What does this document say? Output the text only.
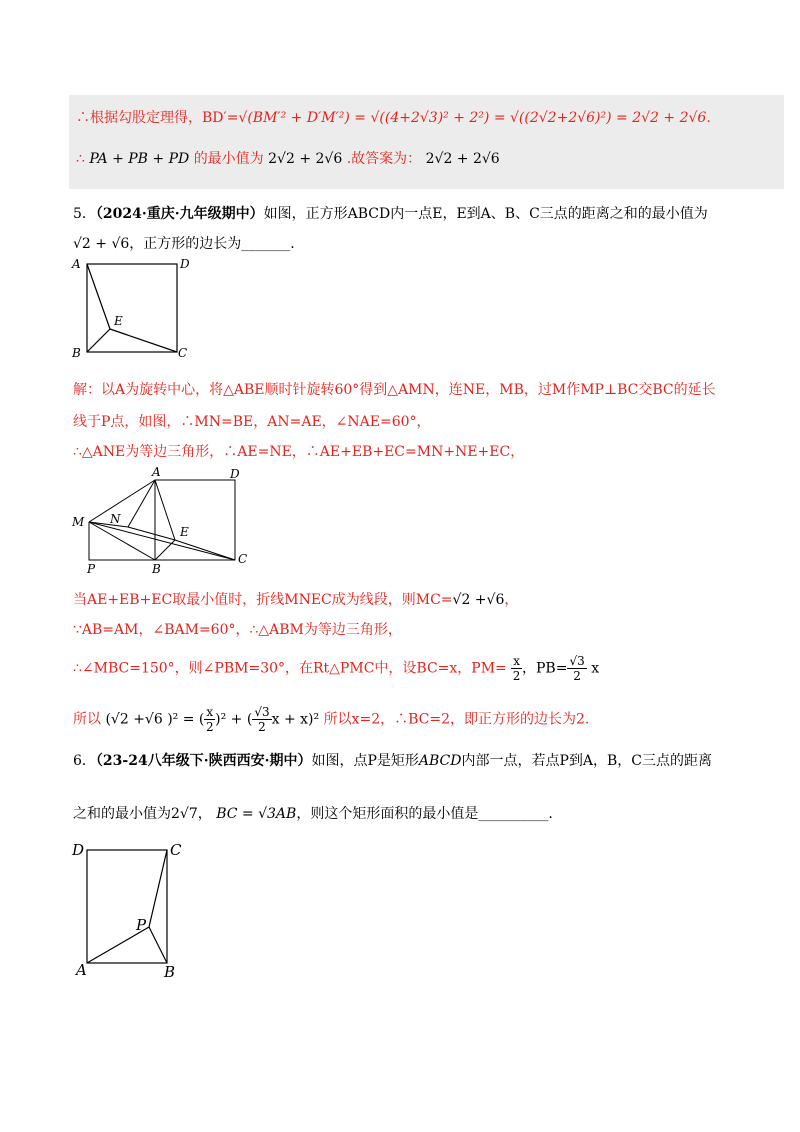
∴根据勾股定理得，BD′=√(BM′² + D′M′²) = √((4+2√3)² + 2²) = √((2√2+2√6)²) = 2√2 + 2√6.
∴ PA + PB + PD 的最小值为 2√2 + 2√6 .故答案为： 2√2 + 2√6
5．（2024·重庆·九年级期中）如图，正方形ABCD内一点E，E到A、B、C三点的距离之和的最小值为
√2 + √6，正方形的边长为_______.
A	D
E
B	C
解：以A为旋转中心，将△ABE顺时针旋转60°得到△AMN，连NE，MB，过M作MP⊥BC交BC的延长
线于P点，如图，∴MN=BE，AN=AE，∠NAE=60°，
∴△ANE为等边三角形，∴AE=NE，∴AE+EB+EC=MN+NE+EC，
A	D
M N
E
P	B
C
当AE+EB+EC取最小值时，折线MNEC成为线段，则MC=√2 +√6，
∵AB=AM，∠BAM=60°，∴△ABM为等边三角形，
∴∠MBC=150°，则∠PBM=30°，在Rt△PMC中，设BC=x，$PM= \frac{x}{2}$ ，$PB= \frac{√3}{2}$ x
所以 (√2 +√6 )² = ( $\frac{x}{2} )^2$ + ( $\frac{√3}{2}$ x + x)² 所以x=2，∴BC=2，即正方形的边长为2.
6．（23-24八年级下·陕西西安·期中）如图，点P是矩形ABCD内部一点，若点P到A，B，C三点的距离
之和的最小值为2√7， BC = √3AB，则这个矩形面积的最小值是__________.
D	C
P
A	B
